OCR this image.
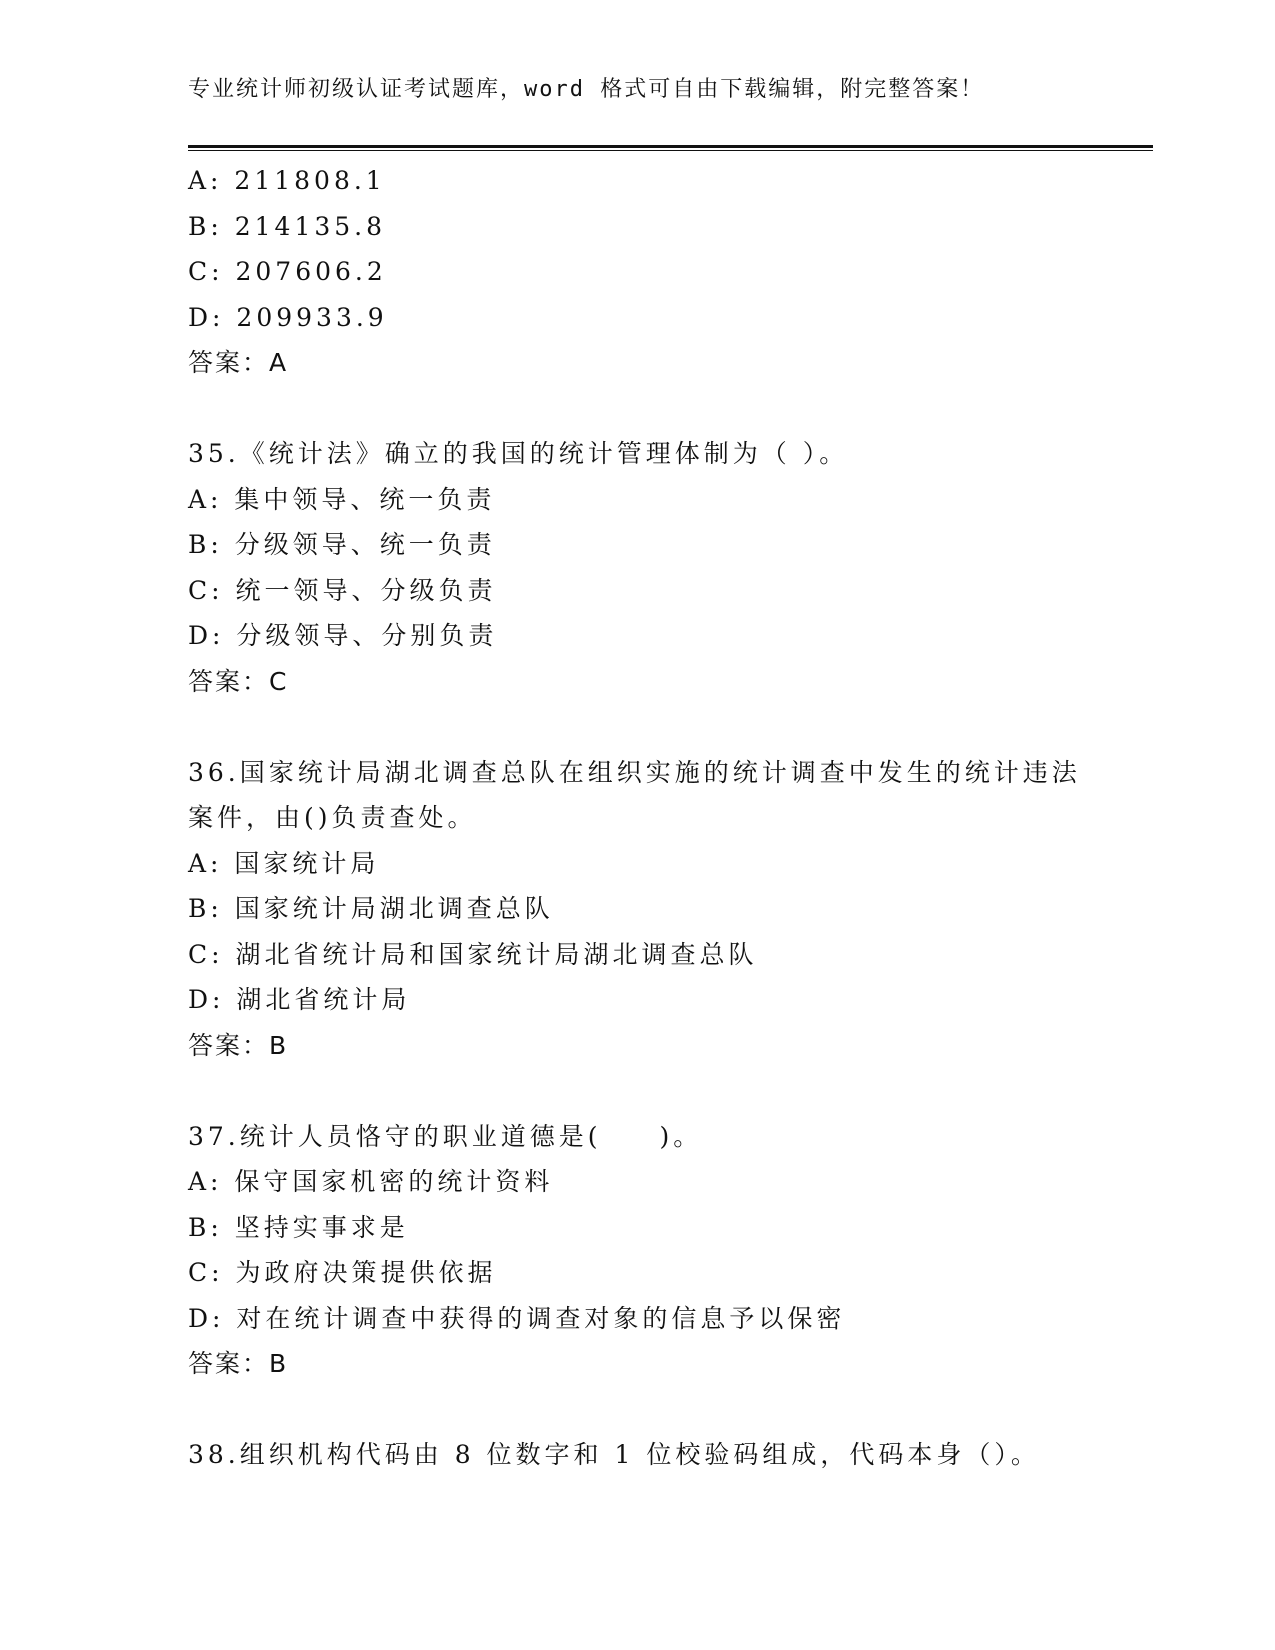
专业统计师初级认证考试题库，word 格式可自由下载编辑，附完整答案！
A: 211808.1
B: 214135.8
C: 207606.2
D: 209933.9
答案：A
35.《统计法》确立的我国的统计管理体制为（ ）。
A: 集中领导、统一负责
B: 分级领导、统一负责
C: 统一领导、分级负责
D: 分级领导、分别负责
答案：C
36.国家统计局湖北调查总队在组织实施的统计调查中发生的统计违法
案件，由()负责查处。
A: 国家统计局
B: 国家统计局湖北调查总队
C: 湖北省统计局和国家统计局湖北调查总队
D: 湖北省统计局
答案：B
37.统计人员恪守的职业道德是(　　)。
A: 保守国家机密的统计资料
B: 坚持实事求是
C: 为政府决策提供依据
D: 对在统计调查中获得的调查对象的信息予以保密
答案：B
38.组织机构代码由 8 位数字和 1 位校验码组成，代码本身（）。
